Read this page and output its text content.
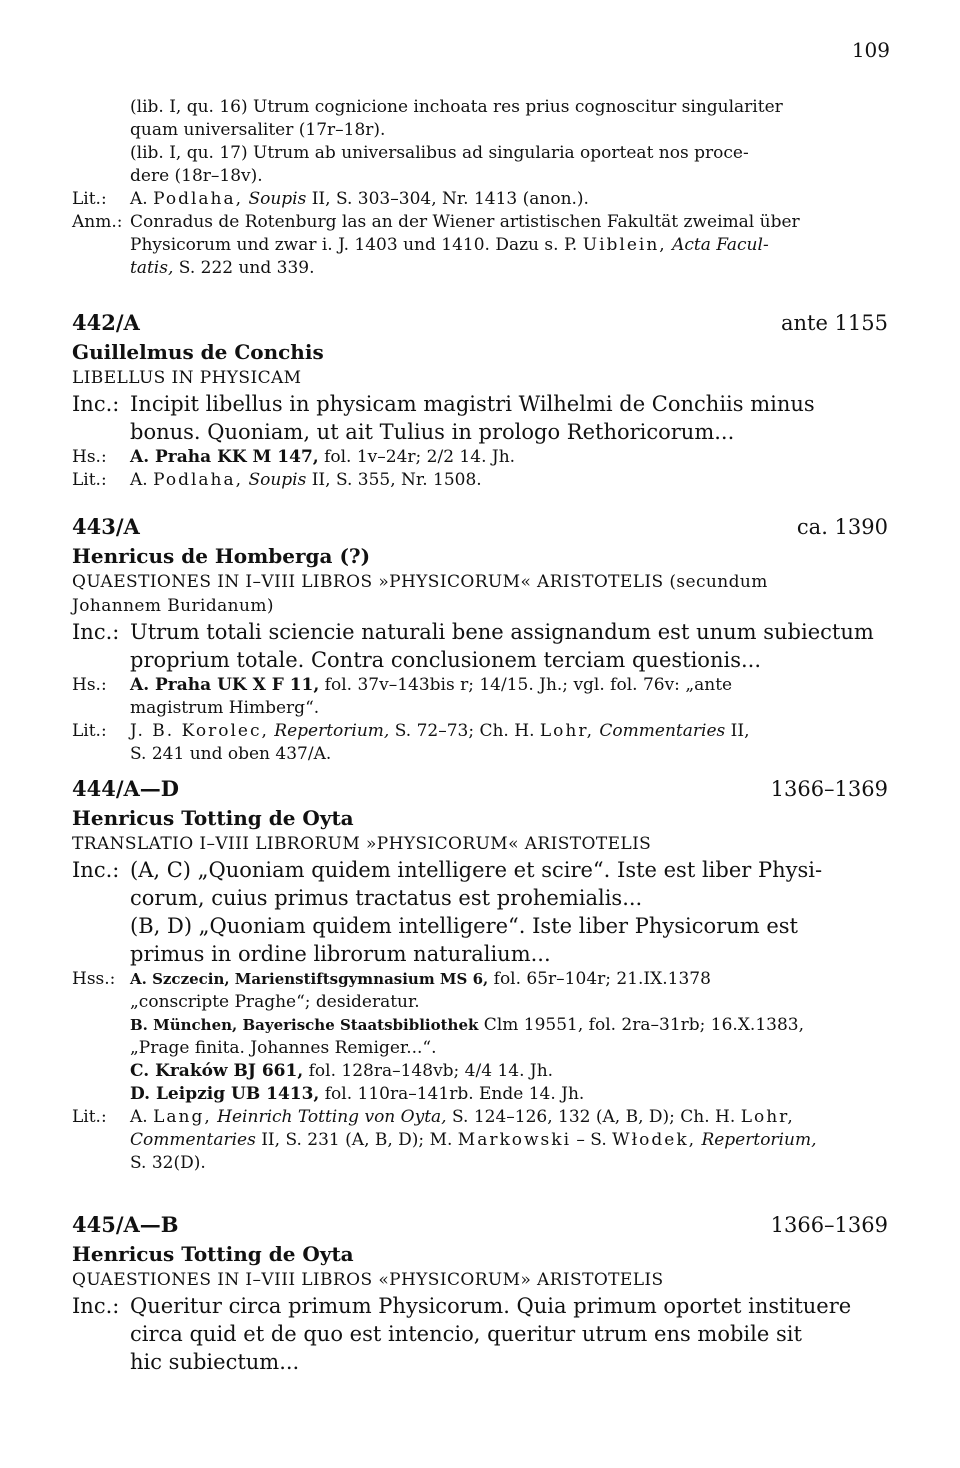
109
(lib. I, qu. 16) Utrum cognicione inchoata res prius cognoscitur singulariter
quam universaliter (17r–18r).
(lib. I, qu. 17) Utrum ab universalibus ad singularia oporteat nos proce-
dere (18r–18v).
Lit.: A. Podlaha, Soupis II, S. 303–304, Nr. 1413 (anon.).
Anm.: Conradus de Rotenburg las an der Wiener artistischen Fakultät zweimal über
Physicorum und zwar i. J. 1403 und 1410. Dazu s. P. Uiblein, Acta Facul-
tatis, S. 222 und 339.
442/A	ante 1155
Guillelmus de Conchis
LIBELLUS IN PHYSICAM
Inc.: Incipit libellus in physicam magistri Wilhelmi de Conchiis minus
bonus. Quoniam, ut ait Tulius in prologo Rethoricorum...
Hs.: A. Praha KK M 147, fol. 1v–24r; 2/2 14. Jh.
Lit.: A. Podlaha, Soupis II, S. 355, Nr. 1508.
443/A	ca. 1390
Henricus de Homberga (?)
QUAESTIONES IN I–VIII LIBROS »PHYSICORUM« ARISTOTELIS (secundum
Johannem Buridanum)
Inc.: Utrum totali sciencie naturali bene assignandum est unum subiectum
proprium totale. Contra conclusionem terciam questionis...
Hs.: A. Praha UK X F 11, fol. 37v–143bis r; 14/15. Jh.; vgl. fol. 76v: „ante
magistrum Himberg“.
Lit.: J. B. Korolec, Repertorium, S. 72–73; Ch. H. Lohr, Commentaries II,
S. 241 und oben 437/A.
444/A—D	1366–1369
Henricus Totting de Oyta
TRANSLATIO I–VIII LIBRORUM »PHYSICORUM« ARISTOTELIS
Inc.: (A, C) „Quoniam quidem intelligere et scire“. Iste est liber Physi-
corum, cuius primus tractatus est prohemialis...
(B, D) „Quoniam quidem intelligere“. Iste liber Physicorum est
primus in ordine librorum naturalium...
Hss.: A. Szczecin, Marienstiftsgymnasium MS 6, fol. 65r–104r; 21.IX.1378
„conscripte Praghe“; desideratur.
B. München, Bayerische Staatsbibliothek Clm 19551, fol. 2ra–31rb; 16.X.1383,
„Prage finita. Johannes Remiger...“.
C. Kraków BJ 661, fol. 128ra–148vb; 4/4 14. Jh.
D. Leipzig UB 1413, fol. 110ra–141rb. Ende 14. Jh.
Lit.: A. Lang, Heinrich Totting von Oyta, S. 124–126, 132 (A, B, D); Ch. H. Lohr,
Commentaries II, S. 231 (A, B, D); M. Markowski – S. Włodek, Repertorium,
S. 32(D).
445/A—B	1366–1369
Henricus Totting de Oyta
QUAESTIONES IN I–VIII LIBROS «PHYSICORUM» ARISTOTELIS
Inc.: Queritur circa primum Physicorum. Quia primum oportet instituere
circa quid et de quo est intencio, queritur utrum ens mobile sit
hic subiectum...
